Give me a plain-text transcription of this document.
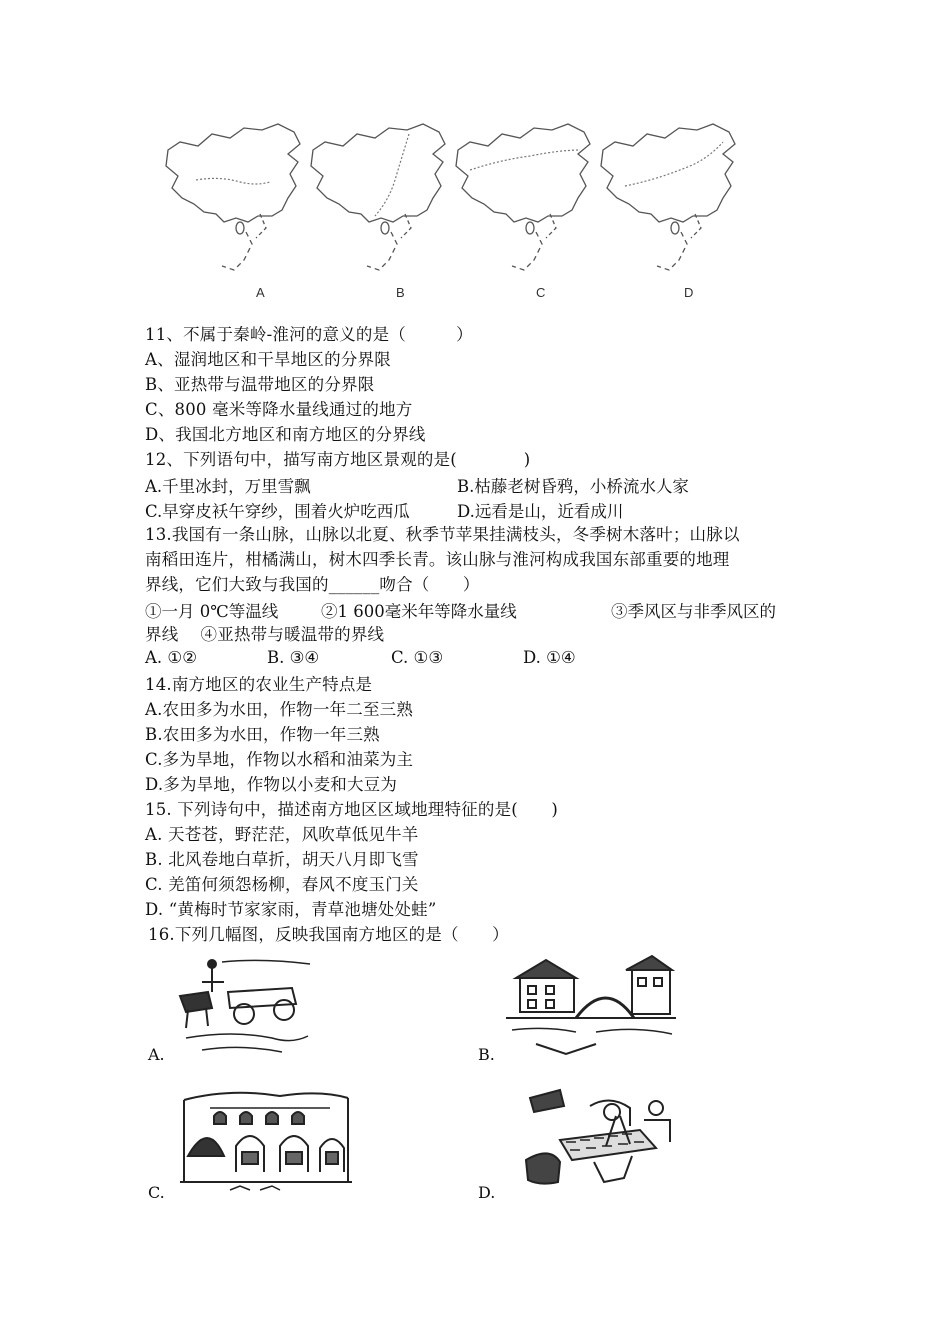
A	B	C	D
11、不属于秦岭-淮河的意义的是（　　　）
A、湿润地区和干旱地区的分界限
B、亚热带与温带地区的分界限
C、800 毫米等降水量线通过的地方
D、我国北方地区和南方地区的分界线
12、下列语句中，描写南方地区景观的是(　　　　)

A.千里冰封，万里雪飘

	B.枯藤老树昏鸦，小桥流水人家

C.早穿皮袄午穿纱，围着火炉吃西瓜

	D.远看是山，近看成川

13.我国有一条山脉，山脉以北夏、秋季节苹果挂满枝头，冬季树木落叶；山脉以
南稻田连片，柑橘满山，树木四季长青。该山脉与淮河构成我国东部重要的地理
界线，它们大致与我国的______吻合（　　）

①一月 0℃等温线

	②1 600毫米年等降水量线

	③季风区与非季风区的

界线　 ④亚热带与暖温带的界线

A. ①②

	B. ③④

	C. ①③

	D. ①④

14.南方地区的农业生产特点是
A.农田多为水田，作物一年二至三熟
B.农田多为水田，作物一年三熟
C.多为旱地，作物以水稻和油菜为主
D.多为旱地，作物以小麦和大豆为
15. 下列诗句中，描述南方地区区域地理特征的是(　　)
A. 天苍苍，野茫茫，风吹草低见牛羊
B. 北风卷地白草折，胡天八月即飞雪
C. 羌笛何须怨杨柳，春风不度玉门关
D. “黄梅时节家家雨，青草池塘处处蛙”
16.下列几幅图，反映我国南方地区的是（　　）
A.	B.
C.	D.
